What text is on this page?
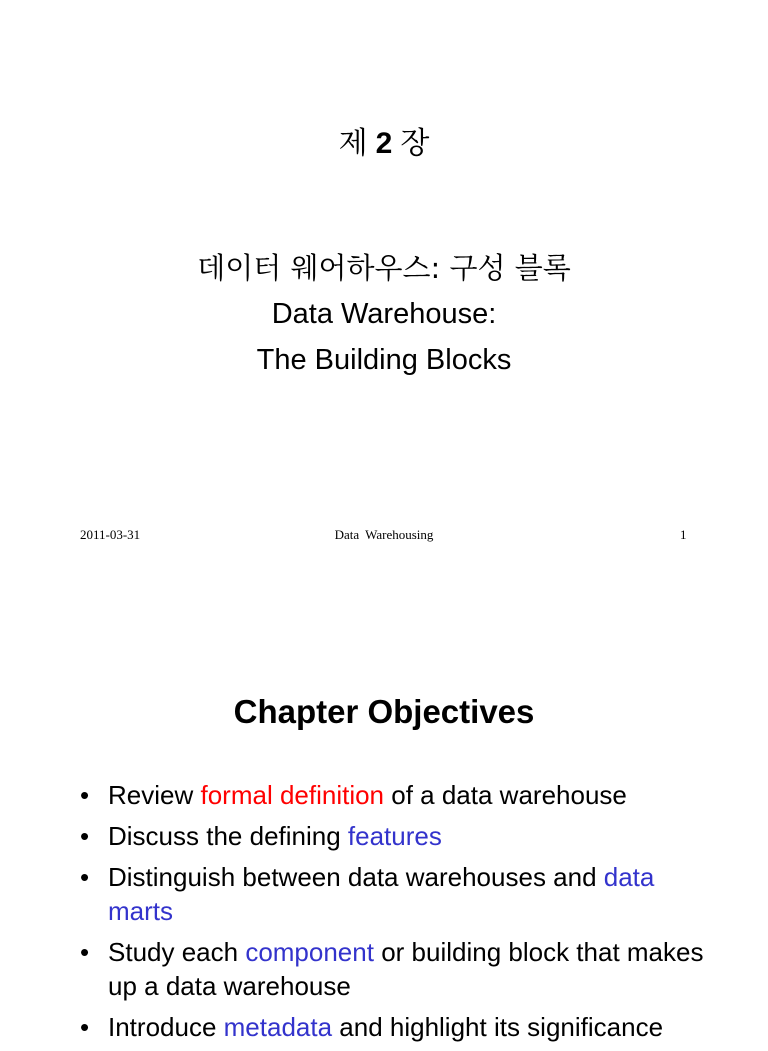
제 2 장
데이터 웨어하우스: 구성 블록
Data Warehouse:
The Building Blocks
2011-03-31	Data Warehousing	1
Chapter Objectives
• Review formal definition of a data warehouse
• Discuss the defining features
• Distinguish between data warehouses and data marts
• Study each component or building block that makes up a data warehouse
• Introduce metadata and highlight its significance
